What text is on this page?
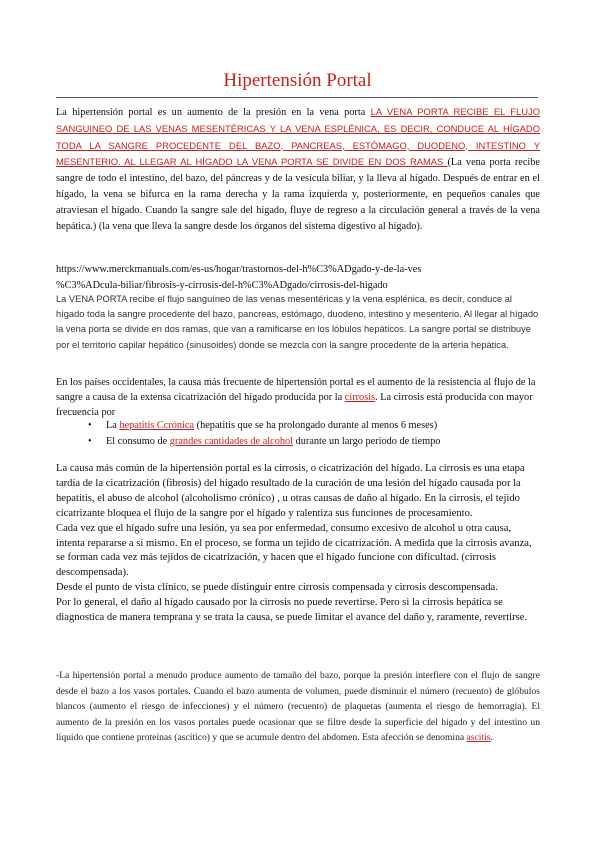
Hipertensión Portal
La hipertensión portal es un aumento de la presión en la vena porta LA VENA PORTA RECIBE EL FLUJO SANGUINEO DE LAS VENAS MESENTÉRICAS Y LA VENA ESPLÉNICA, ES DECIR, CONDUCE AL HÍGADO TODA LA SANGRE PROCEDENTE DEL BAZO, PANCREAS, ESTÓMAGO, DUODENO, INTESTINO Y MESENTERIO. AL LLEGAR AL HÍGADO LA VENA PORTA SE DIVIDE EN DOS RAMAS (La vena porta recibe sangre de todo el intestino, del bazo, del páncreas y de la vesícula biliar, y la lleva al hígado. Después de entrar en el hígado, la vena se bifurca en la rama derecha y la rama izquierda y, posteriormente, en pequeños canales que atraviesan el hígado. Cuando la sangre sale del hígado, fluye de regreso a la circulación general a través de la vena hepática.) (la vena que lleva la sangre desde los órganos del sistema digestivo al hígado).
https://www.merckmanuals.com/es-us/hogar/trastornos-del-h%C3%ADgado-y-de-la-ves
%C3%ADcula-biliar/fibrosis-y-cirrosis-del-h%C3%ADgado/cirrosis-del-higado
La VENA PORTA recibe el flujo sanguíneo de las venas mesentéricas y la vena esplénica, es decir, conduce al hígado toda la sangre procedente del bazo, pancreas, estómago, duodeno, intestino y mesenterio. Al llegar al hígado la vena porta se divide en dos ramas, que van a ramificarse en los lóbulos hepáticos. La sangre portal se distribuye por el territorio capilar hepático (sinusoides) donde se mezcla con la sangre procedente de la arteria hepática.
En los países occidentales, la causa más frecuente de hipertensión portal es el aumento de la resistencia al flujo de la sangre a causa de la extensa cicatrización del hígado producida por la cirrosis. La cirrosis está producida con mayor frecuencia por
• La hepatitis Ccrónica (hepatitis que se ha prolongado durante al menos 6 meses)
• El consumo de grandes cantidades de alcohol durante un largo periodo de tiempo
La causa más común de la hipertensión portal es la cirrosis, o cicatrización del hígado. La cirrosis es una etapa tardía de la cicatrización (fibrosis) del hígado resultado de la curación de una lesión del hígado causada por la hepatitis, el abuso de alcohol (alcoholismo crónico) , u otras causas de daño al hígado. En la cirrosis, el tejido cicatrizante bloquea el flujo de la sangre por el hígado y ralentiza sus funciones de procesamiento.
Cada vez que el hígado sufre una lesión, ya sea por enfermedad, consumo excesivo de alcohol u otra causa, intenta repararse a sí mismo. En el proceso, se forma un tejido de cicatrización. A medida que la cirrosis avanza, se forman cada vez más tejidos de cicatrización, y hacen que el hígado funcione con dificultad. (cirrosis descompensada).
Desde el punto de vista clínico, se puede distinguir entre cirrosis compensada y cirrosis descompensada.
Por lo general, el daño al hígado causado por la cirrosis no puede revertirse. Pero si la cirrosis hepática se diagnostica de manera temprana y se trata la causa, se puede limitar el avance del daño y, raramente, revertirse.
-La hipertensión portal a menudo produce aumento de tamaño del bazo, porque la presión interfiere con el flujo de sangre desde el bazo a los vasos portales. Cuando el bazo aumenta de volumen, puede disminuir el número (recuento) de glóbulos blancos (aumento el riesgo de infecciones) y el número (recuento) de plaquetas (aumenta el riesgo de hemorragia). El aumento de la presión en los vasos portales puede ocasionar que se filtre desde la superficie del hígado y del intestino un líquido que contiene proteínas (ascítico) y que se acumule dentro del abdomen. Esta afección se denomina ascitis.
